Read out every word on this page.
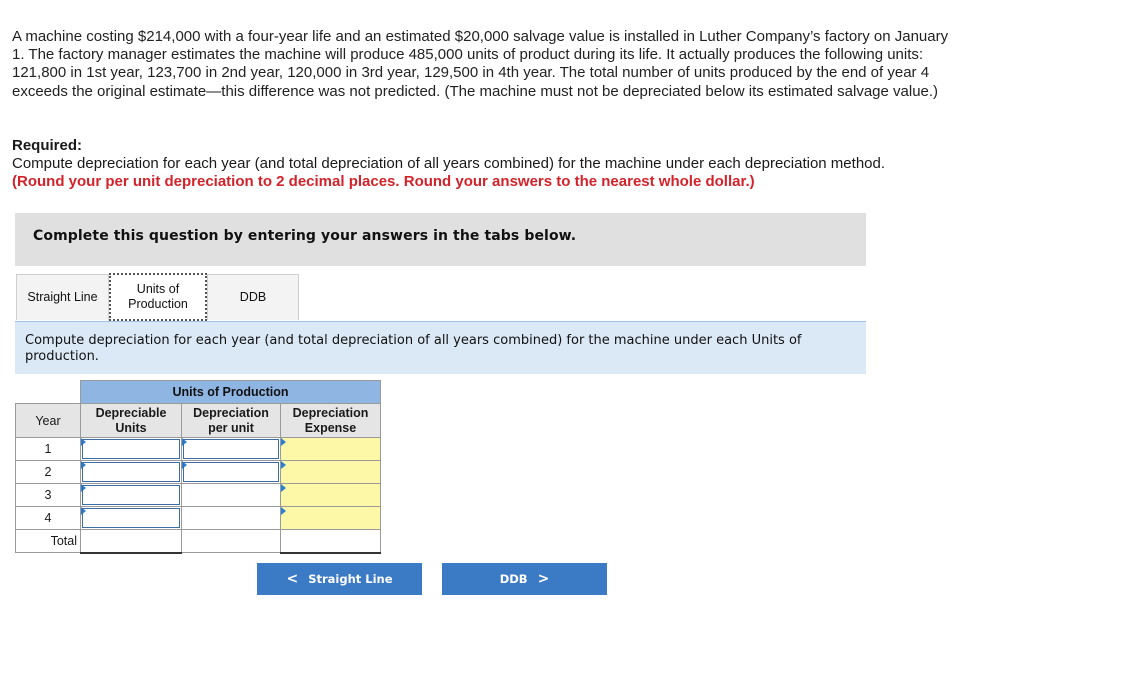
A machine costing $214,000 with a four-year life and an estimated $20,000 salvage value is installed in Luther Company’s factory on January 1. The factory manager estimates the machine will produce 485,000 units of product during its life. It actually produces the following units: 121,800 in 1st year, 123,700 in 2nd year, 120,000 in 3rd year, 129,500 in 4th year. The total number of units produced by the end of year 4 exceeds the original estimate—this difference was not predicted. (The machine must not be depreciated below its estimated salvage value.)
Required:
Compute depreciation for each year (and total depreciation of all years combined) for the machine under each depreciation method.
(Round your per unit depreciation to 2 decimal places. Round your answers to the nearest whole dollar.)
Complete this question by entering your answers in the tabs below.
Straight Line
Units of Production	DDB
Compute depreciation for each year (and total depreciation of all years combined) for the machine under each Units of production.
	Units of Production		
Year	Depreciable Units	Depreciation per unit	Depreciation Expense
1			
2			
3			
4			
Total			
< Straight Line	DDB >
